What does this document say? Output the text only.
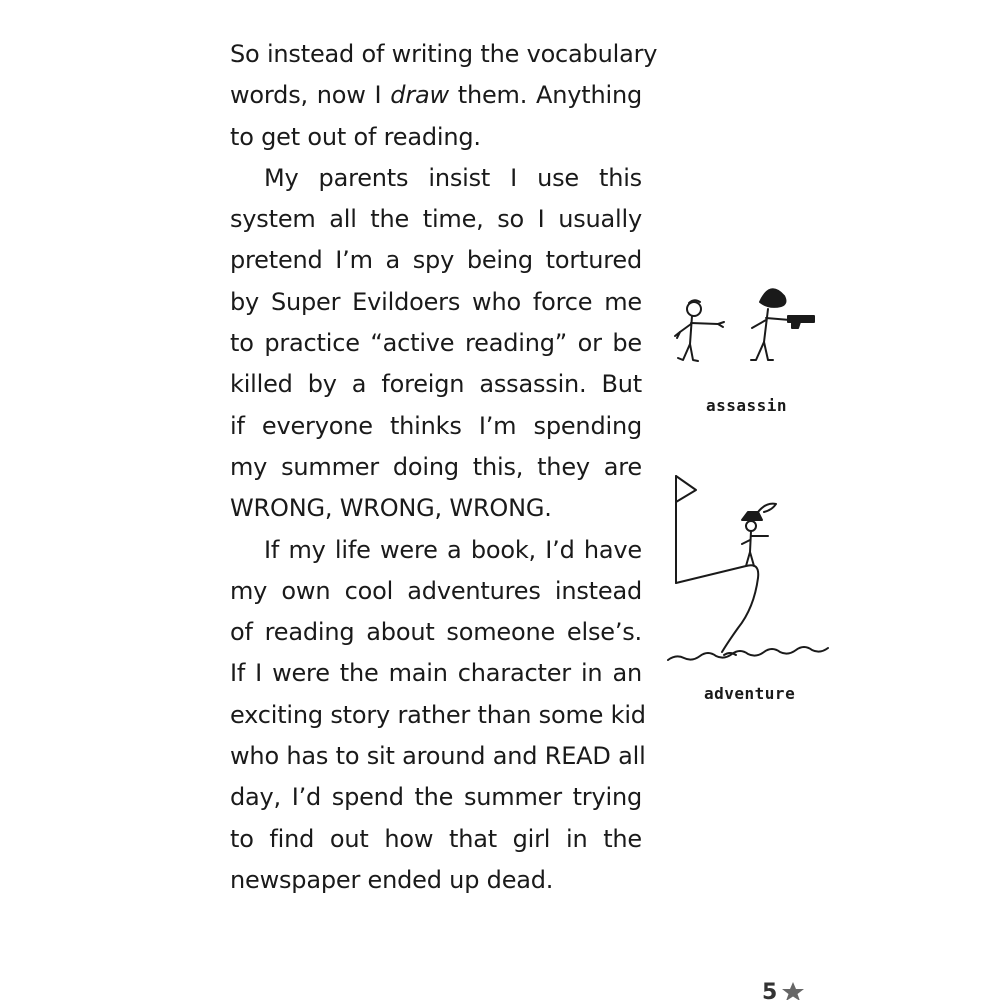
So instead of writing the vocabulary
words, now I draw them. Anything
to get out of reading.
My parents insist I use this
system all the time, so I usually
pretend I’m a spy being tortured
by Super Evildoers who force me
to practice “active reading” or be
killed by a foreign assassin. But
if everyone thinks I’m spending
my summer doing this, they are
WRONG, WRONG, WRONG.
If my life were a book, I’d have
my own cool adventures instead
of reading about someone else’s.
If I were the main character in an
exciting story rather than some kid
who has to sit around and READ all
day, I’d spend the summer trying
to find out how that girl in the
newspaper ended up dead.
assassin
adventure
5
